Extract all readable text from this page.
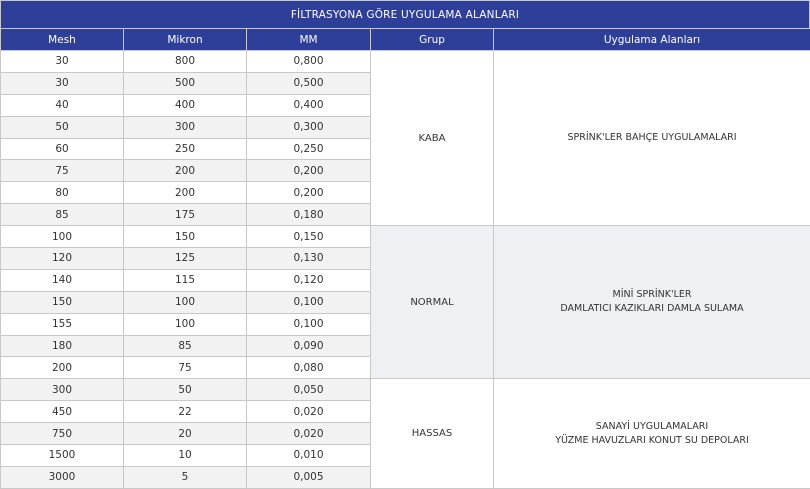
FİLTRASYONA GÖRE UYGULAMA ALANLARI
Mesh	Mikron	MM	Grup	Uygulama Alanları
30	800	0,800	KABA	SPRİNK'LER BAHÇE UYGULAMALARI

30	500	0,500		
40	400	0,400		
50	300	0,300		
60	250	0,250		
75	200	0,200		
80	200	0,200		
85	175	0,180		
100	150	0,150	NORMAL	MİNİ SPRİNK'LER
DAMLATICI KAZIKLARI DAMLA SULAMA

120	125	0,130		
140	115	0,120		
150	100	0,100		
155	100	0,100		
180	85	0,090		
200	75	0,080		
300	50	0,050	HASSAS	SANAYİ UYGULAMALARI
YÜZME HAVUZLARI KONUT SU DEPOLARI

450	22	0,020		
750	20	0,020		
1500	10	0,010		
3000	5	0,005		
